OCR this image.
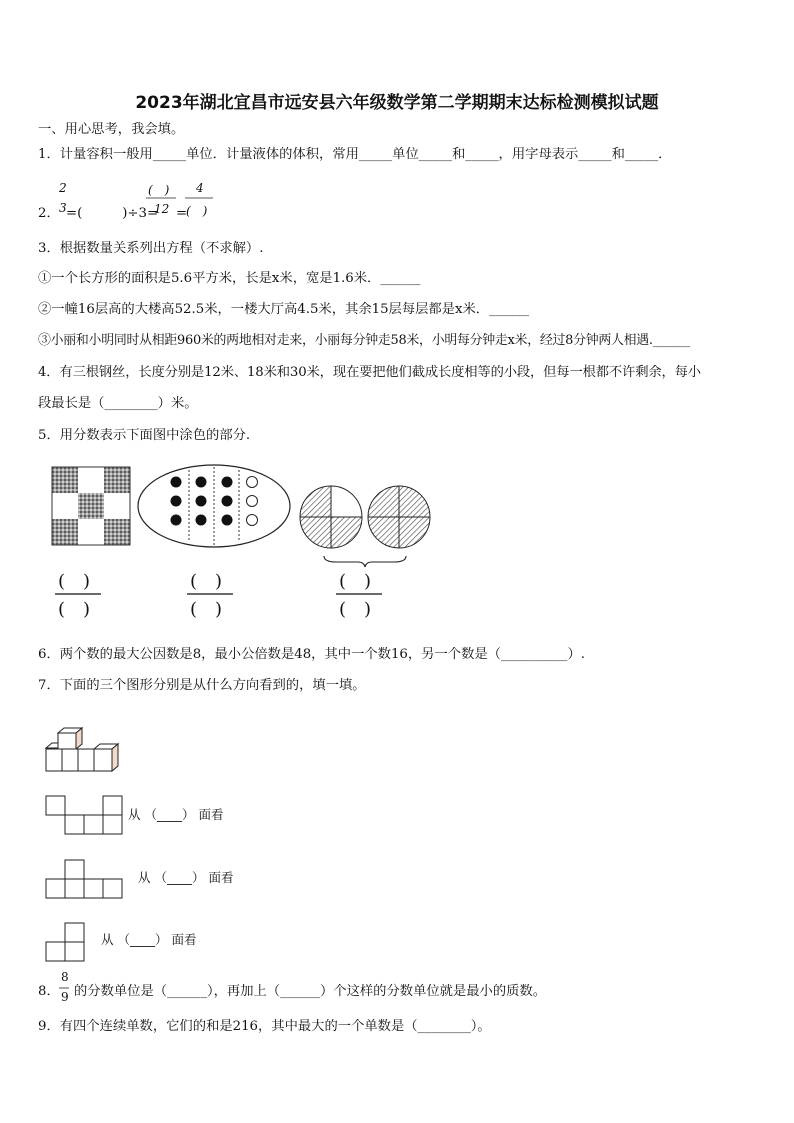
2023年湖北宜昌市远安县六年级数学第二学期期末达标检测模拟试题
一、用心思考，我会填。
1．计量容积一般用_____单位．计量液体的体积，常用_____单位_____和_____，用字母表示_____和_____．
2．
2
3 =(　　　)÷3=
(　)
12 =
4
(　)
3．根据数量关系列出方程（不求解）.
①一个长方形的面积是5.6平方米，长是x米，宽是1.6米．______
②一幢16层高的大楼高52.5米，一楼大厅高4.5米，其余15层每层都是x米．______
③小丽和小明同时从相距960米的两地相对走来，小丽每分钟走58米，小明每分钟走x米，经过8分钟两人相遇.______
4．有三根钢丝，长度分别是12米、18米和30米，现在要把他们截成长度相等的小段，但每一根都不许剩余，每小
段最长是（________）米。
5．用分数表示下面图中涂色的部分.
(　)
(　)
(　)
(　)
(　)
(　)
6．两个数的最大公因数是8，最小公倍数是48，其中一个数16，另一个数是（__________）.
7．下面的三个图形分别是从什么方向看到的，填一填。
从 （____） 面看
从 （____） 面看
从 （____） 面看
8．
8
9 的分数单位是（______），再加上（______）个这样的分数单位就是最小的质数。
9．有四个连续单数，它们的和是216，其中最大的一个单数是（________）。
